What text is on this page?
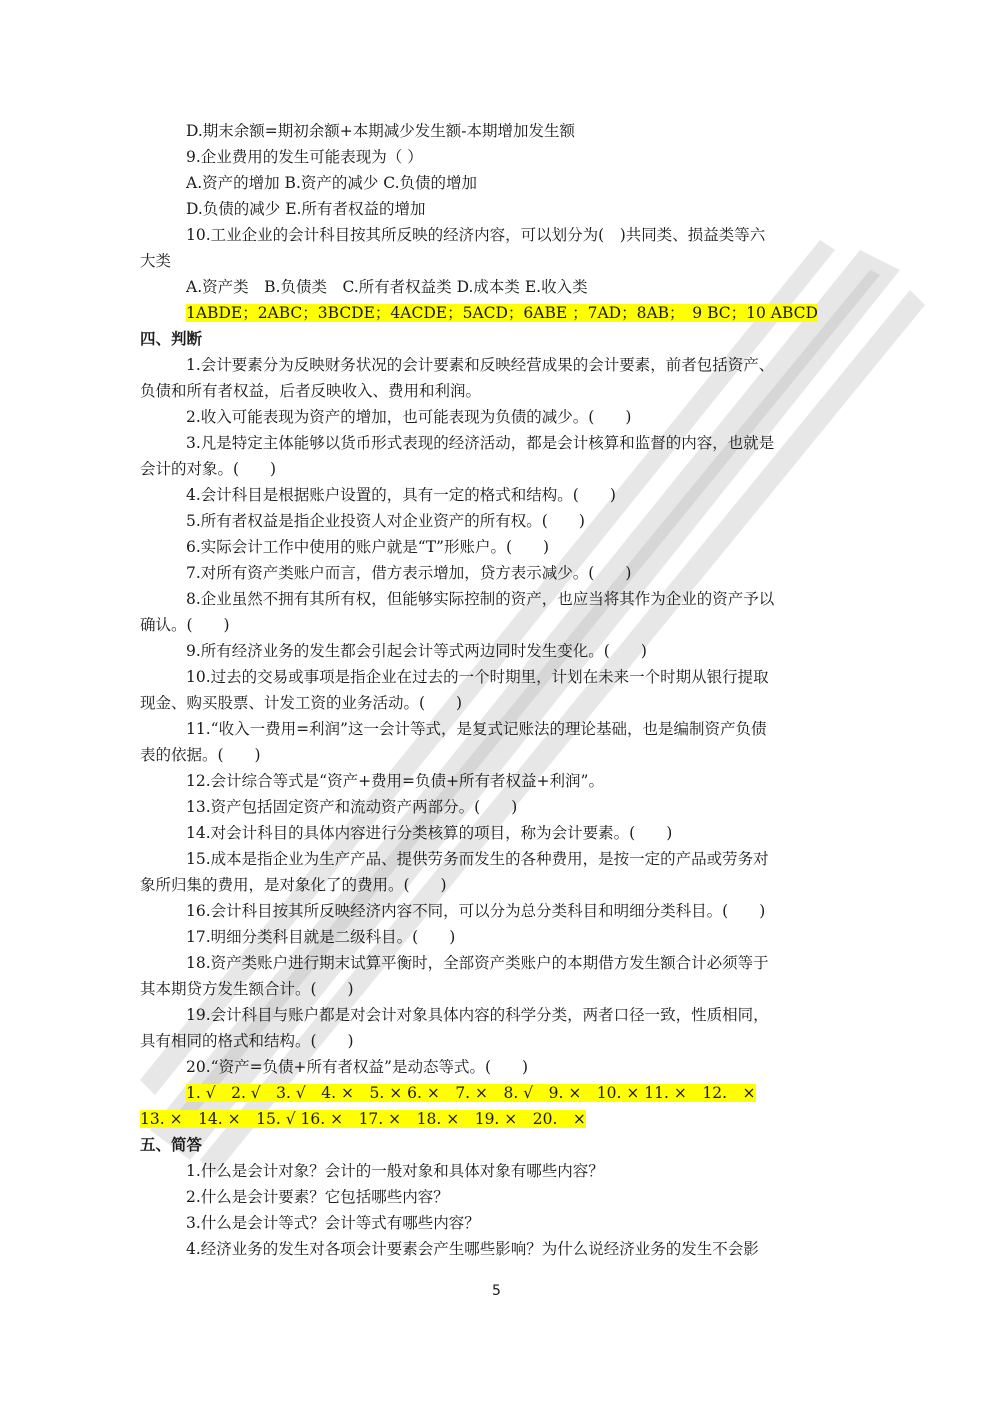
D.期末余额=期初余额+本期减少发生额-本期增加发生额
9.企业费用的发生可能表现为（ ）
A.资产的增加 B.资产的减少 C.负债的增加
D.负债的减少 E.所有者权益的增加
10.工业企业的会计科目按其所反映的经济内容，可以划分为(　)共同类、损益类等六
大类
A.资产类　B.负债类　C.所有者权益类 D.成本类 E.收入类
1ABDE；2ABC；3BCDE；4ACDE；5ACD；6ABE ；7AD；8AB；　9 BC；10 ABCD
四、判断
1.会计要素分为反映财务状况的会计要素和反映经营成果的会计要素，前者包括资产、
负债和所有者权益，后者反映收入、费用和利润。
2.收入可能表现为资产的增加，也可能表现为负债的减少。(　　)
3.凡是特定主体能够以货币形式表现的经济活动，都是会计核算和监督的内容，也就是
会计的对象。(　　)
4.会计科目是根据账户设置的，具有一定的格式和结构。(　　)
5.所有者权益是指企业投资人对企业资产的所有权。(　　)
6.实际会计工作中使用的账户就是“T”形账户。(　　)
7.对所有资产类账户而言，借方表示增加，贷方表示减少。(　　)
8.企业虽然不拥有其所有权，但能够实际控制的资产，也应当将其作为企业的资产予以
确认。(　　)
9.所有经济业务的发生都会引起会计等式两边同时发生变化。(　　)
10.过去的交易或事项是指企业在过去的一个时期里，计划在未来一个时期从银行提取
现金、购买股票、计发工资的业务活动。(　　)
11.“收入一费用=利润”这一会计等式，是复式记账法的理论基础，也是编制资产负债
表的依据。(　　)
12.会计综合等式是“资产+费用=负债+所有者权益+利润”。
13.资产包括固定资产和流动资产两部分。(　　)
14.对会计科目的具体内容进行分类核算的项目，称为会计要素。(　　)
15.成本是指企业为生产产品、提供劳务而发生的各种费用，是按一定的产品或劳务对
象所归集的费用，是对象化了的费用。(　　)
16.会计科目按其所反映经济内容不同，可以分为总分类科目和明细分类科目。(　　)
17.明细分类科目就是二级科目。(　　)
18.资产类账户进行期末试算平衡时，全部资产类账户的本期借方发生额合计必须等于
其本期贷方发生额合计。(　　)
19.会计科目与账户都是对会计对象具体内容的科学分类，两者口径一致，性质相同，
具有相同的格式和结构。(　　)
20.“资产=负债+所有者权益”是动态等式。(　　)
1. √　2. √　3. √　4. ×　5. × 6. ×　7. ×　8. √　9. ×　10. × 11. ×　12.　×
13. ×　14. ×　15. √ 16. ×　17. ×　18. ×　19. ×　20.　×
五、简答
1.什么是会计对象？会计的一般对象和具体对象有哪些内容？
2.什么是会计要素？它包括哪些内容？
3.什么是会计等式？会计等式有哪些内容？
4.经济业务的发生对各项会计要素会产生哪些影响？为什么说经济业务的发生不会影
5
